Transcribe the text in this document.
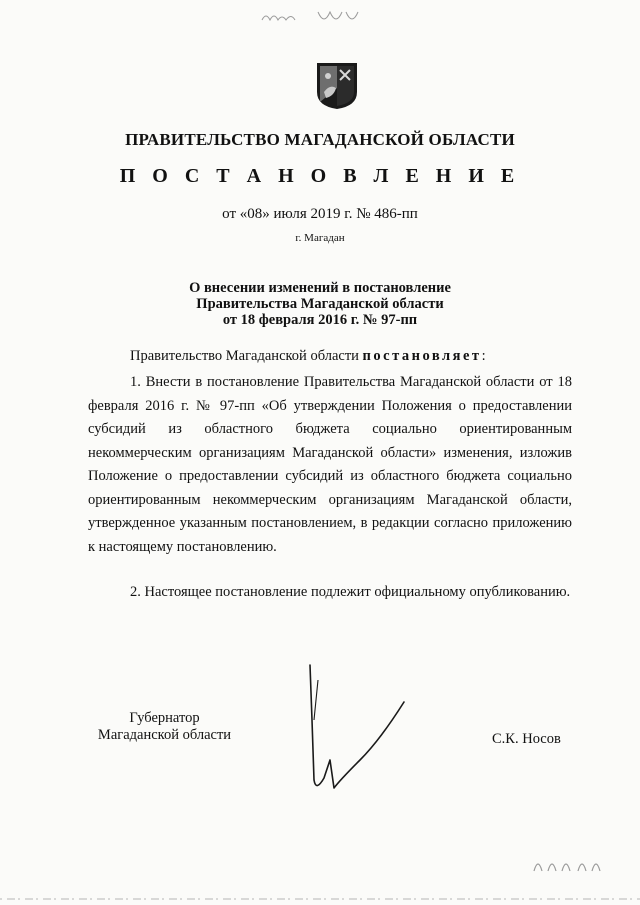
ПРАВИТЕЛЬСТВО МАГАДАНСКОЙ ОБЛАСТИ
П О С Т А Н О В Л Е Н И Е
от «08» июля 2019 г. № 486-пп
г. Магадан
О внесении изменений в постановление
Правительства Магаданской области
от 18 февраля 2016 г. № 97-пп
Правительство Магаданской области постановляет:
1. Внести в постановление Правительства Магаданской области от 18 февраля 2016 г. № 97-пп «Об утверждении Положения о предоставлении субсидий из областного бюджета социально ориентированным некоммерческим организациям Магаданской области» изменения, изложив Положение о предоставлении субсидий из областного бюджета социально ориентированным некоммерческим организациям Магаданской области, утвержденное указанным постановлением, в редакции согласно приложению к настоящему постановлению.
2. Настоящее постановление подлежит официальному опубликованию.
Губернатор
Магаданской области	С.К. Носов
